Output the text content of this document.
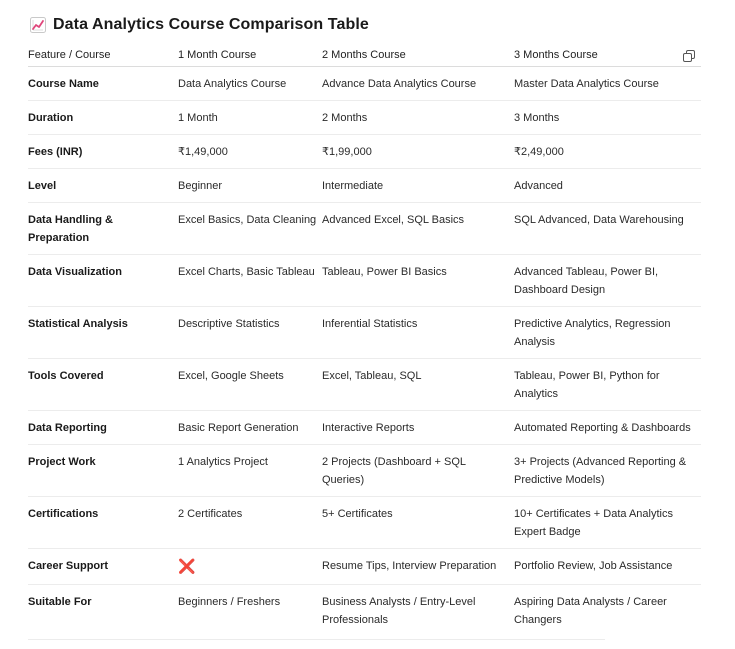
Data Analytics Course Comparison Table
Feature / Course	1 Month Course	2 Months Course	3 Months Course
Course Name	Data Analytics Course	Advance Data Analytics Course	Master Data Analytics Course
Duration	1 Month	2 Months	3 Months
Fees (INR)	₹1,49,000	₹1,99,000	₹2,49,000
Level	Beginner	Intermediate	Advanced
Data Handling & Preparation	Excel Basics, Data Cleaning	Advanced Excel, SQL Basics	SQL Advanced, Data Warehousing
Data Visualization	Excel Charts, Basic Tableau	Tableau, Power BI Basics	Advanced Tableau, Power BI, Dashboard Design
Statistical Analysis	Descriptive Statistics	Inferential Statistics	Predictive Analytics, Regression Analysis
Tools Covered	Excel, Google Sheets	Excel, Tableau, SQL	Tableau, Power BI, Python for Analytics
Data Reporting	Basic Report Generation	Interactive Reports	Automated Reporting & Dashboards
Project Work	1 Analytics Project	2 Projects (Dashboard + SQL Queries)	3+ Projects (Advanced Reporting & Predictive Models)
Certifications	2 Certificates	5+ Certificates	10+ Certificates + Data Analytics Expert Badge
Career Support	❌	Resume Tips, Interview Preparation	Portfolio Review, Job Assistance
Suitable For	Beginners / Freshers	Business Analysts / Entry-Level Professionals	Aspiring Data Analysts / Career Changers
